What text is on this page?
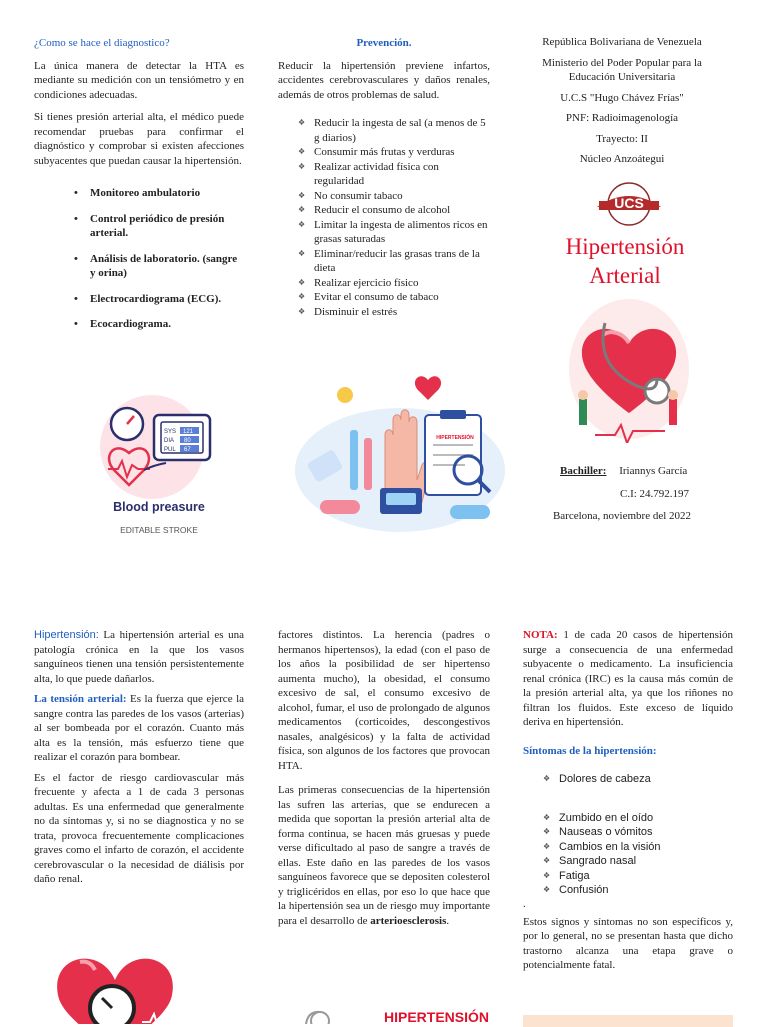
¿Como se hace el diagnostico?

La única manera de detectar la HTA es mediante su medición con un tensiómetro y en condiciones adecuadas.

Si tienes presión arterial alta, el médico puede recomendar pruebas para confirmar el diagnóstico y comprobar si existen afecciones subyacentes que puedan causar la hipertensión.

• Monitoreo ambulatorio
• Control periódico de presión arterial.
• Análisis de laboratorio. (sangre y orina)
• Electrocardiograma (ECG).
• Ecocardiograma.
SYS
DIA
PUL
121
80
67
Blood preasure
EDITABLE STROKE

Prevención.

Reducir la hipertensión previene infartos, accidentes cerebrovasculares y daños renales, además de otros problemas de salud.

❖ Reducir la ingesta de sal (a menos de 5 g diarios)
❖ Consumir más frutas y verduras
❖ Realizar actividad física con regularidad
❖ No consumir tabaco
❖ Reducir el consumo de alcohol
❖ Limitar la ingesta de alimentos ricos en grasas saturadas
❖ Eliminar/reducir las grasas trans de la dieta
❖ Realizar ejercicio físico
❖ Evitar el consumo de tabaco
❖ Disminuir el estrés
HIPERTENSIÓN

República Bolivariana de Venezuela

Ministerio del Poder Popular para la Educación Universitaria

U.C.S "Hugo Chávez Frías"

PNF: Radioimagenología

Trayecto: II

Núcleo Anzoátegui

UCS
Hipertensión Arterial

Bachiller: Iriannys García

C.I: 24.792.197

Barcelona, noviembre del 2022

Hipertensión: La hipertensión arterial es una patología crónica en la que los vasos sanguíneos tienen una tensión persistentemente alta, lo que puede dañarlos.

La tensión arterial: Es la fuerza que ejerce la sangre contra las paredes de los vasos (arterias) al ser bombeada por el corazón. Cuanto más alta es la tensión, más esfuerzo tiene que realizar el corazón para bombear.

Es el factor de riesgo cardiovascular más frecuente y afecta a 1 de cada 3 personas adultas. Es una enfermedad que generalmente no da síntomas y, si no se diagnostica y no se trata, provoca frecuentemente complicaciones graves como el infarto de corazón, el accidente cerebrovascular o la necesidad de diálisis por daño renal.

factores distintos. La herencia (padres o hermanos hipertensos), la edad (con el paso de los años la posibilidad de ser hipertenso aumenta mucho), la obesidad, el consumo excesivo de sal, el consumo excesivo de alcohol, fumar, el uso de prolongado de algunos medicamentos (corticoides, descongestivos nasales, analgésicos) y la falta de actividad física, son algunos de los factores que provocan HTA.

Las primeras consecuencias de la hipertensión las sufren las arterias, que se endurecen a medida que soportan la presión arterial alta de forma continua, se hacen más gruesas y puede verse dificultado al paso de sangre a través de ellas. Este daño en las paredes de los vasos sanguíneos favorece que se depositen colesterol y triglicéridos en ellas, por eso lo que hace que la hipertensión sea un de riesgo muy importante para el desarrollo de arterioesclerosis.

HIPERTENSIÓN

NOTA: 1 de cada 20 casos de hipertensión surge a consecuencia de una enfermedad subyacente o medicamento. La insuficiencia renal crónica (IRC) es la causa más común de la presión arterial alta, ya que los riñones no filtran los fluidos. Este exceso de líquido deriva en hipertensión.

Síntomas de la hipertensión:

❖ Dolores de cabeza
❖ Zumbido en el oído
❖ Nauseas o vómitos
❖ Cambios en la visión
❖ Sangrado nasal
❖ Fatiga
❖ Confusión

.

Estos signos y síntomas no son específicos y, por lo general, no se presentan hasta que dicho trastorno alcanza una etapa grave o potencialmente fatal.
